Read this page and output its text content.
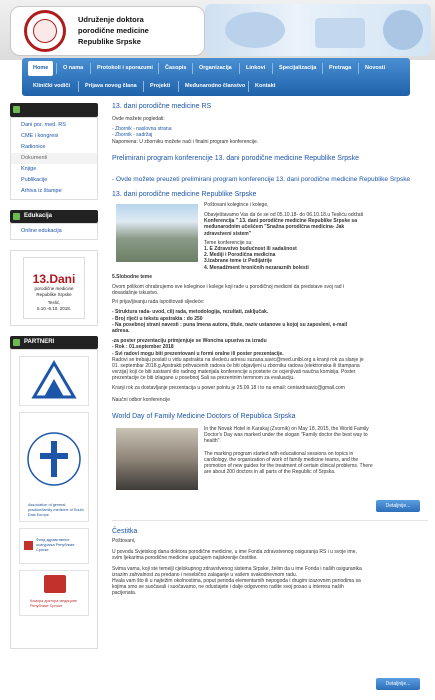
Udruženje doktora
porodične medicine
Republike Srpske
Home	O nama	Protokoli i sporazumi	Časopis	Organizacija	Linkovi	Specijalizacija	Pretraga	Novosti
Klinički vodiči	Prijava novog člana	Projekti	Međunarodno članstvo	Kontakt
Dani por. med. RS
CME i kongresi
Radionice
Dokumenti
Knjige
Publikacije
Arhiva iz štampe
Edukacija
Online edukacija
13.Dani
porodične medicine
Republike Srpske
Teslić,
5.10.-6.10. 2018.
PARTNERI
Association of general practice/family medicine of South East Europe
Фонд здравственог осигурања Републике Српске
Комора доктора медицине Републике Српске
13. dani porodične medicine RS
Ovde možete pogledati:
- Zbornik - naslovna strana
- Zbornik - sadržaj
Napomena: U zborniku možete naći i finalni program konferencije.
Prelimirani program konferencije 13. dani porodične medicine Republike Srpske
- Ovde možete preuzeti prelimirani program konferencije 13. dani porodične medicine Republike Srpske
13. dani porodične medicine Republike Srpske
Poštovani kolegince i kolege,
Obavještavamo Vas da će se od 05.10.18- do 06.10.18.u Tesliću održati
Konferencija " 13. dani porodične medicine Republike Srpske sa
međunarodnim učešćem "Snažna porodična medicina- Jak
zdravstveni sistem"
Teme konferencije su:
1. E Zdravstvo budućnost ili sadašnost
2. Mediji i Porodična medicina
3.Izabrane teme iz Pedijatrije
4. Menadžment hroničnih nezaraznih bolesti
5.Slobodne teme
Ovom prilikom ohrabrujemo sve kolegince i kolege koji rade u porodičnoj medicini da predstave svoj rad i
dosadašnje iskustvo.
Pri prijavljivanju rada ispoštovati sljedeće:
- Struktura rada- uvod, cilj rada, metodologija, rezultati, zaključak.
- Broj riječi u tekstu apstrakta : do 250
- Na posebnoj strani navesti : puna imena autora, titule, naziv ustanove u kojoj su zaposleni, e-mail
adresa.
-za poster prezentaciju primjenjuje se Woncina upustva za izradu
- Rok : 01.september 2018
- Svi radovi mogu biti prezentovani u formi oralne ili poster prezentacije.
Radovi se trebaju poslati u vidu apstrakta na sledeću adresu suzana.savic@med.unibl.org a kranji rok za slanje je
01. septembar 2018.g.Apstrakti prihvaćenih radova će biti objavljeni u zborniku radova (elektronska ili štampana
verzija) koji će biti sastavni dio radnog materijala konferencije a posterie će ocjenjivati naučna komisija. Poster
prezentacije će biti izlagane u posebnoj Sali sa prezentnim termnom za evaluaciju.
Kranji rok za dostavljanje prezentacija u power pointu je 25.09.18 i to na email: centardrsavic@gmail.com
Naučni odbor konferencije
World Day of Family Medicine Doctors of Republica Srpska
In the Novak Hotel in Karakaj (Zvornik) on May 18, 2015, the World Family
Doctor's Day was marked under the slogan "Family doctor the best way to
health".
The marking program started with educational sessions on topics in
cardiology, the organization of work of family medicine teams, and the
promotion of new guides for the treatment of certain clinical problems. There
are about 200 doctors in all parts of the Republic of Srpska.
Detaljnije...
Čestitka
Poštovani,
U povodu Svjetskog dana doktora porodične medicine, u ime Fonda zdravstvenog osiguranja RS i u svoje ime,
svim ljekarima porodične medicine upućujem najiskrenije čestitke.
Svima vama, koji ste temelji cjelokupnog zdravstvenog sistema Srpske, želim da u ime Fonda i naših osiguranika
izrazim zahvalnost za predano i nesebično zalaganje u vašem svakodnevnom radu.
Hvala vam što ili u najtežim okolnostima, poput perioda elementarnih nepogoda i drugim izazovnim periodima sa
kojima smo se suočavali i suočavamo, ne odustajete i dalje odgovorno radite svoj posao u interesu naših
pacijenata.
Detaljnije...
